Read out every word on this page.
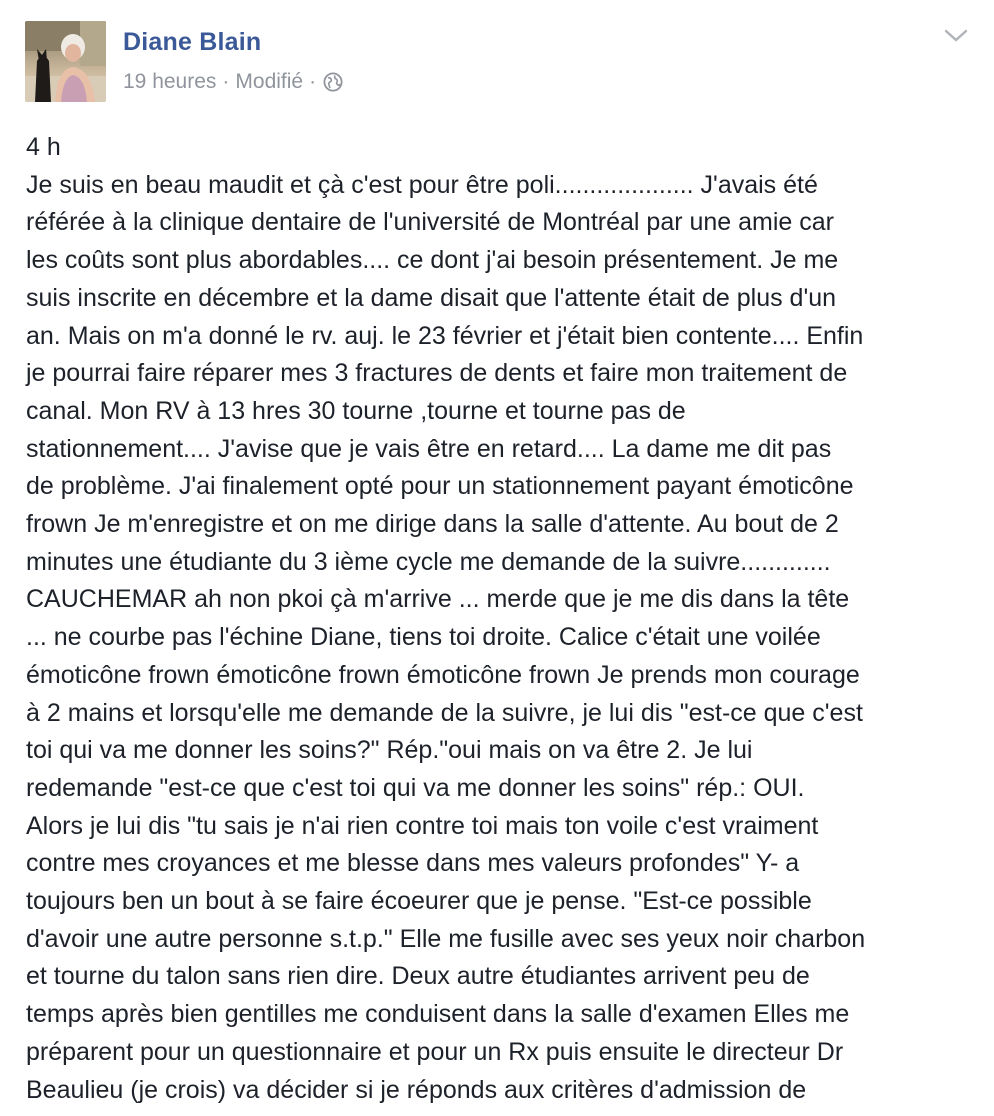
Diane Blain
19 heures · Modifié ·
4 h
Je suis en beau maudit et çà c'est pour être poli.................... J'avais été
référée à la clinique dentaire de l'université de Montréal par une amie car
les coûts sont plus abordables.... ce dont j'ai besoin présentement. Je me
suis inscrite en décembre et la dame disait que l'attente était de plus d'un
an. Mais on m'a donné le rv. auj. le 23 février et j'était bien contente.... Enfin
je pourrai faire réparer mes 3 fractures de dents et faire mon traitement de
canal. Mon RV à 13 hres 30 tourne ,tourne et tourne pas de
stationnement.... J'avise que je vais être en retard.... La dame me dit pas
de problème. J'ai finalement opté pour un stationnement payant émoticône
frown Je m'enregistre et on me dirige dans la salle d'attente. Au bout de 2
minutes une étudiante du 3 ième cycle me demande de la suivre.............
CAUCHEMAR ah non pkoi çà m'arrive ... merde que je me dis dans la tête
... ne courbe pas l'échine Diane, tiens toi droite. Calice c'était une voilée
émoticône frown émoticône frown émoticône frown Je prends mon courage
à 2 mains et lorsqu'elle me demande de la suivre, je lui dis "est-ce que c'est
toi qui va me donner les soins?" Rép."oui mais on va être 2. Je lui
redemande "est-ce que c'est toi qui va me donner les soins" rép.: OUI.
Alors je lui dis "tu sais je n'ai rien contre toi mais ton voile c'est vraiment
contre mes croyances et me blesse dans mes valeurs profondes" Y- a
toujours ben un bout à se faire écoeurer que je pense. "Est-ce possible
d'avoir une autre personne s.t.p." Elle me fusille avec ses yeux noir charbon
et tourne du talon sans rien dire. Deux autre étudiantes arrivent peu de
temps après bien gentilles me conduisent dans la salle d'examen Elles me
préparent pour un questionnaire et pour un Rx puis ensuite le directeur Dr
Beaulieu (je crois) va décider si je réponds aux critères d'admission de
